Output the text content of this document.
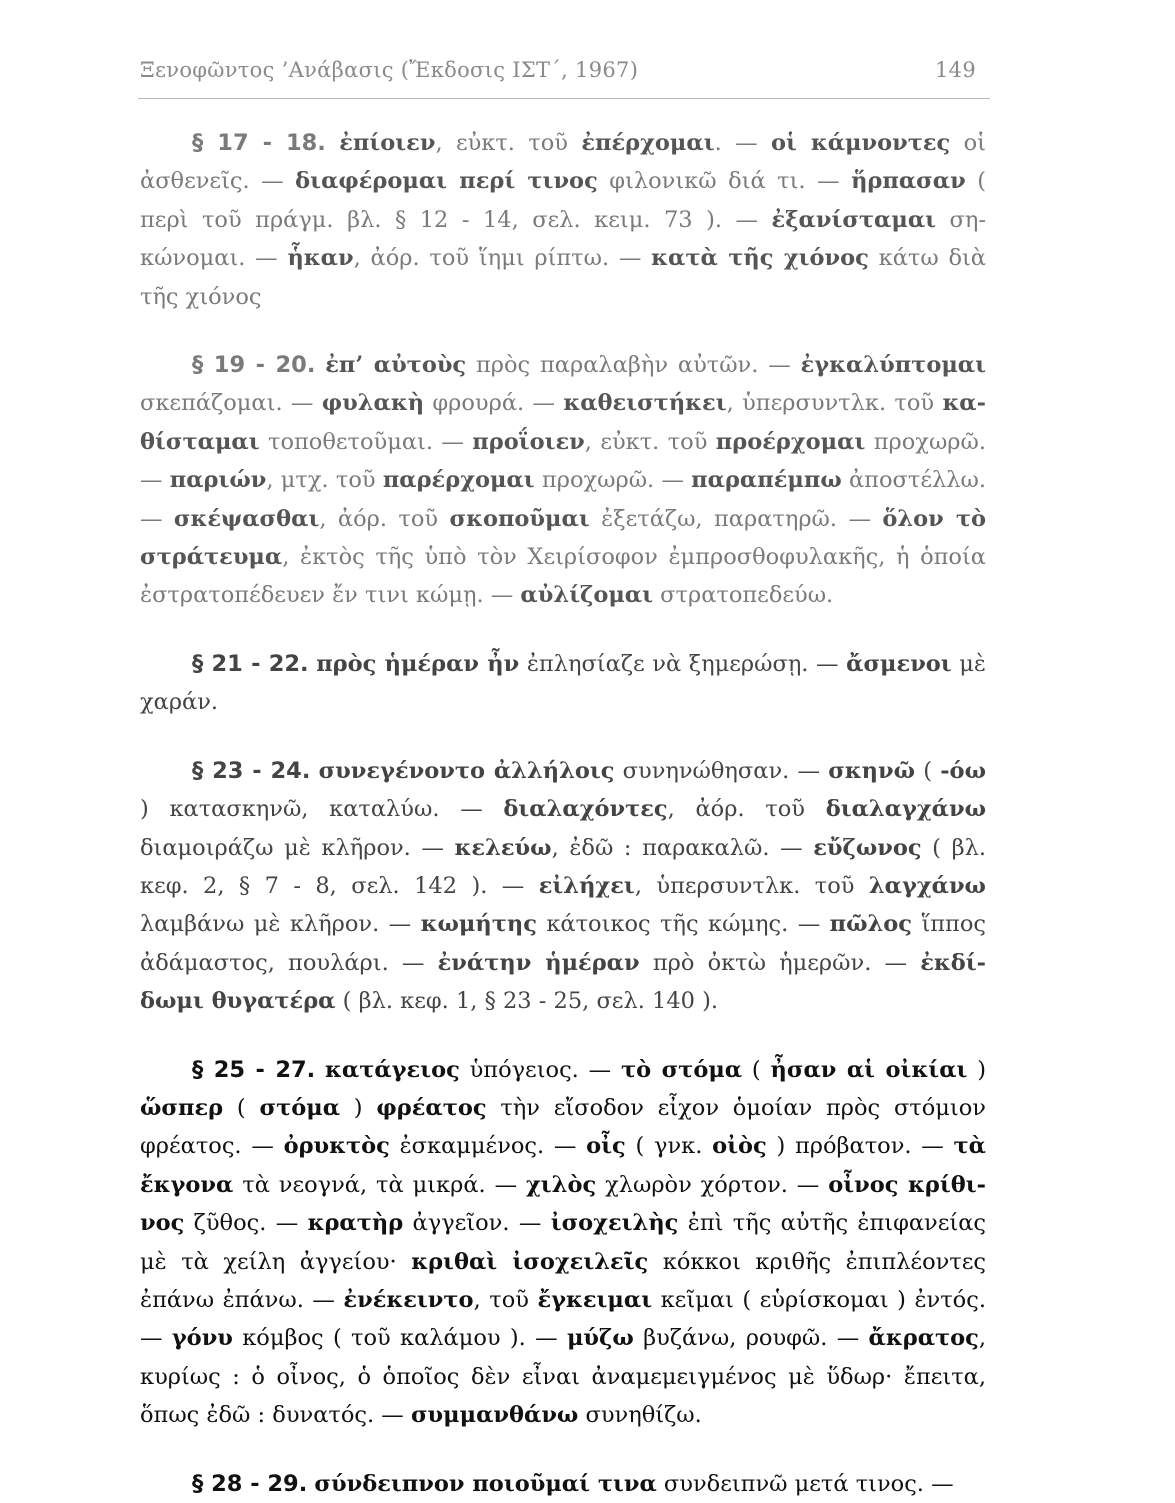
Ξενοφῶντος ’Ανάβασις (Ἔκδοσις ΙΣΤ΄, 1967)	149

§ 17 - 18. ἐπίοιεν, εὐκτ. τοῦ ἐπέρχομαι. — οἱ κάμνοντες οἱ ἀσθενεῖς. — διαφέρομαι περί τινος φιλονικῶ διά τι. — ἥρπασαν ( περὶ τοῦ πράγμ. βλ. § 12 - 14, σελ. κειμ. 73 ). — ἐξανίσταμαι σηκώνομαι. — ἧκαν, ἀόρ. τοῦ ἵημι ρίπτω. — κατὰ τῆς χιόνος κάτω διὰ τῆς χιόνος

§ 19 - 20. ἐπ’ αὐτοὺς πρὸς παραλαβὴν αὐτῶν. — ἐγκαλύπτομαι σκεπάζομαι. — φυλακὴ φρουρά. — καθειστήκει, ὑπερσυντλκ. τοῦ καθίσταμαι τοποθετοῦμαι. — προΐοιεν, εὐκτ. τοῦ προέρχομαι προχωρῶ. — παριών, μτχ. τοῦ παρέρχομαι προχωρῶ. — παραπέμπω ἀποστέλλω. — σκέψασθαι, ἀόρ. τοῦ σκοποῦμαι ἐξετάζω, παρατηρῶ. — ὅλον τὸ στράτευμα, ἐκτὸς τῆς ὑπὸ τὸν Χειρίσοφον ἐμπροσθοφυλακῆς, ἡ ὁποία ἐστρατοπέδευεν ἔν τινι κώμῃ. — αὐλίζομαι στρατοπεδεύω.

§ 21 - 22. πρὸς ἡμέραν ἦν ἐπλησίαζε νὰ ξημερώσῃ. — ἄσμενοι μὲ χαράν.

§ 23 - 24. συνεγένοντο ἀλλήλοις συνηνώθησαν. — σκηνῶ ( -όω ) κατασκηνῶ, καταλύω. — διαλαχόντες, ἀόρ. τοῦ διαλαγχάνω διαμοιράζω μὲ κλῆρον. — κελεύω, ἐδῶ : παρακαλῶ. — εὔζωνος ( βλ. κεφ. 2, § 7 - 8, σελ. 142 ). — εἰλήχει, ὑπερσυντλκ. τοῦ λαγχάνω λαμβάνω μὲ κλῆρον. — κωμήτης κάτοικος τῆς κώμης. — πῶλος ἵππος ἀδάμαστος, πουλάρι. — ἐνάτην ἡμέραν πρὸ ὀκτὼ ἡμερῶν. — ἐκδίδωμι θυγατέρα ( βλ. κεφ. 1, § 23 - 25, σελ. 140 ).

§ 25 - 27. κατάγειος ὑπόγειος. — τὸ στόμα ( ἦσαν αἱ οἰκίαι ) ὥσπερ ( στόμα ) φρέατος τὴν εἴσοδον εἶχον ὁμοίαν πρὸς στόμιον φρέατος. — ὀρυκτὸς ἐσκαμμένος. — οἶς ( γνκ. οἰὸς ) πρόβατον. — τὰ ἔκγονα τὰ νεογνά, τὰ μικρά. — χιλὸς χλωρὸν χόρτον. — οἶνος κρίθινος ζῦθος. — κρατὴρ ἀγγεῖον. — ἰσοχειλὴς ἐπὶ τῆς αὐτῆς ἐπιφανείας μὲ τὰ χείλη ἀγγείου· κριθαὶ ἰσοχειλεῖς κόκκοι κριθῆς ἐπιπλέοντες ἐπάνω ἐπάνω. — ἐνέκειντο, τοῦ ἔγκειμαι κεῖμαι ( εὑρίσκομαι ) ἐντός. — γόνυ κόμβος ( τοῦ καλάμου ). — μύζω βυζάνω, ρουφῶ. — ἄκρατος, κυρίως : ὁ οἶνος, ὁ ὁποῖος δὲν εἶναι ἀναμεμειγμένος μὲ ὕδωρ· ἔπειτα, ὅπως ἐδῶ : δυνατός. — συμμανθάνω συνηθίζω.

§ 28 - 29. σύνδειπνον ποιοῦμαί τινα συνδειπνῶ μετά τινος. —
